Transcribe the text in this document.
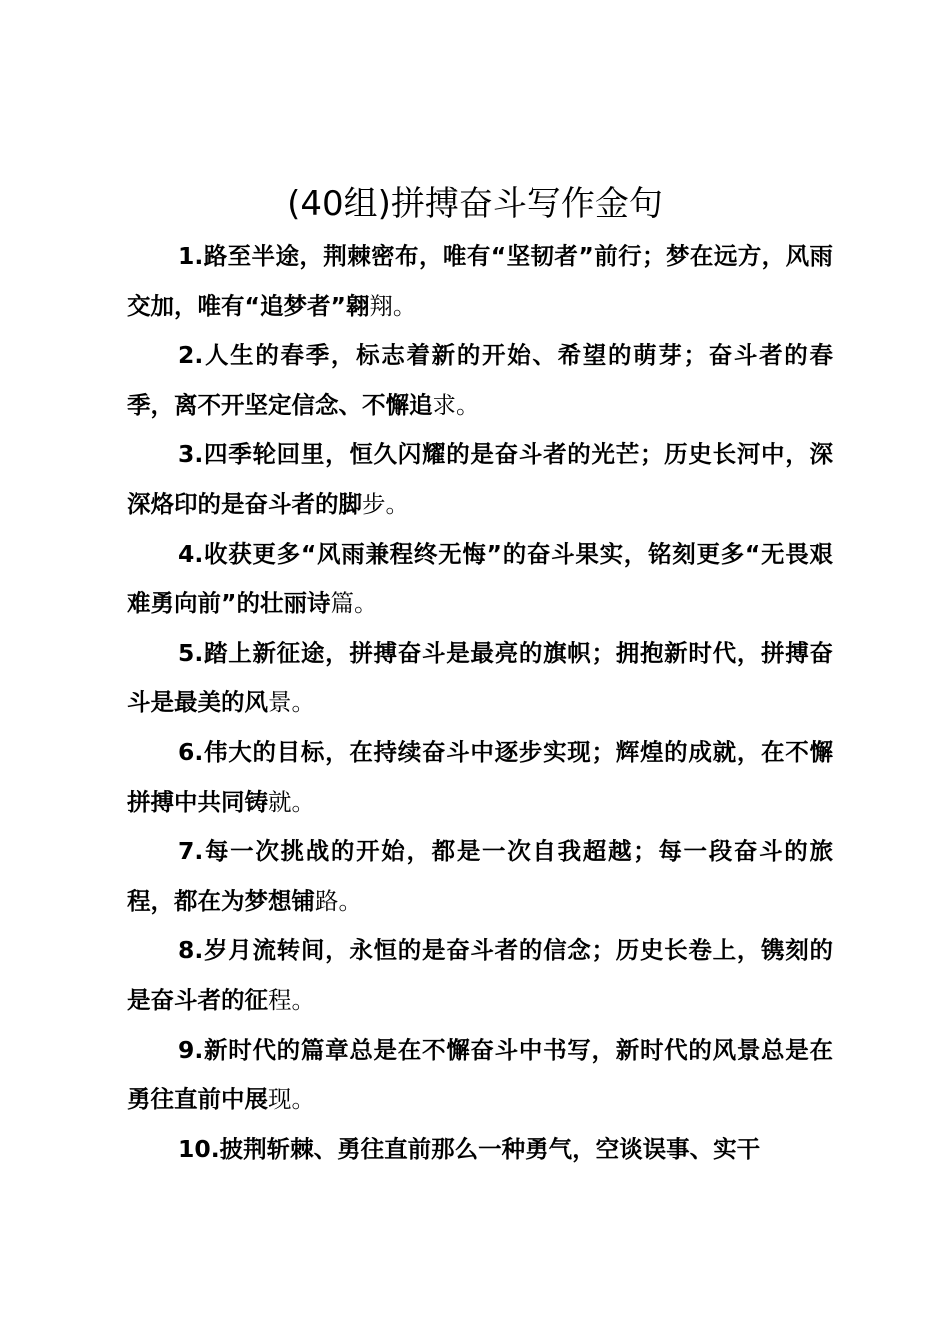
(40组)拼搏奋斗写作金句

1.路至半途，荆棘密布，唯有“坚韧者”前行；梦在远方，风雨交加，唯有“追梦者”翱翔。

2.人生的春季，标志着新的开始、希望的萌芽；奋斗者的春季，离不开坚定信念、不懈追求。

3.四季轮回里，恒久闪耀的是奋斗者的光芒；历史长河中，深深烙印的是奋斗者的脚步。

4.收获更多“风雨兼程终无悔”的奋斗果实，铭刻更多“无畏艰难勇向前”的壮丽诗篇。

5.踏上新征途，拼搏奋斗是最亮的旗帜；拥抱新时代，拼搏奋斗是最美的风景。

6.伟大的目标，在持续奋斗中逐步实现；辉煌的成就，在不懈拼搏中共同铸就。

7.每一次挑战的开始，都是一次自我超越；每一段奋斗的旅程，都在为梦想铺路。

8.岁月流转间，永恒的是奋斗者的信念；历史长卷上，镌刻的是奋斗者的征程。

9.新时代的篇章总是在不懈奋斗中书写，新时代的风景总是在勇往直前中展现。

10.披荆斩棘、勇往直前那么一种勇气，空谈误事、实干
